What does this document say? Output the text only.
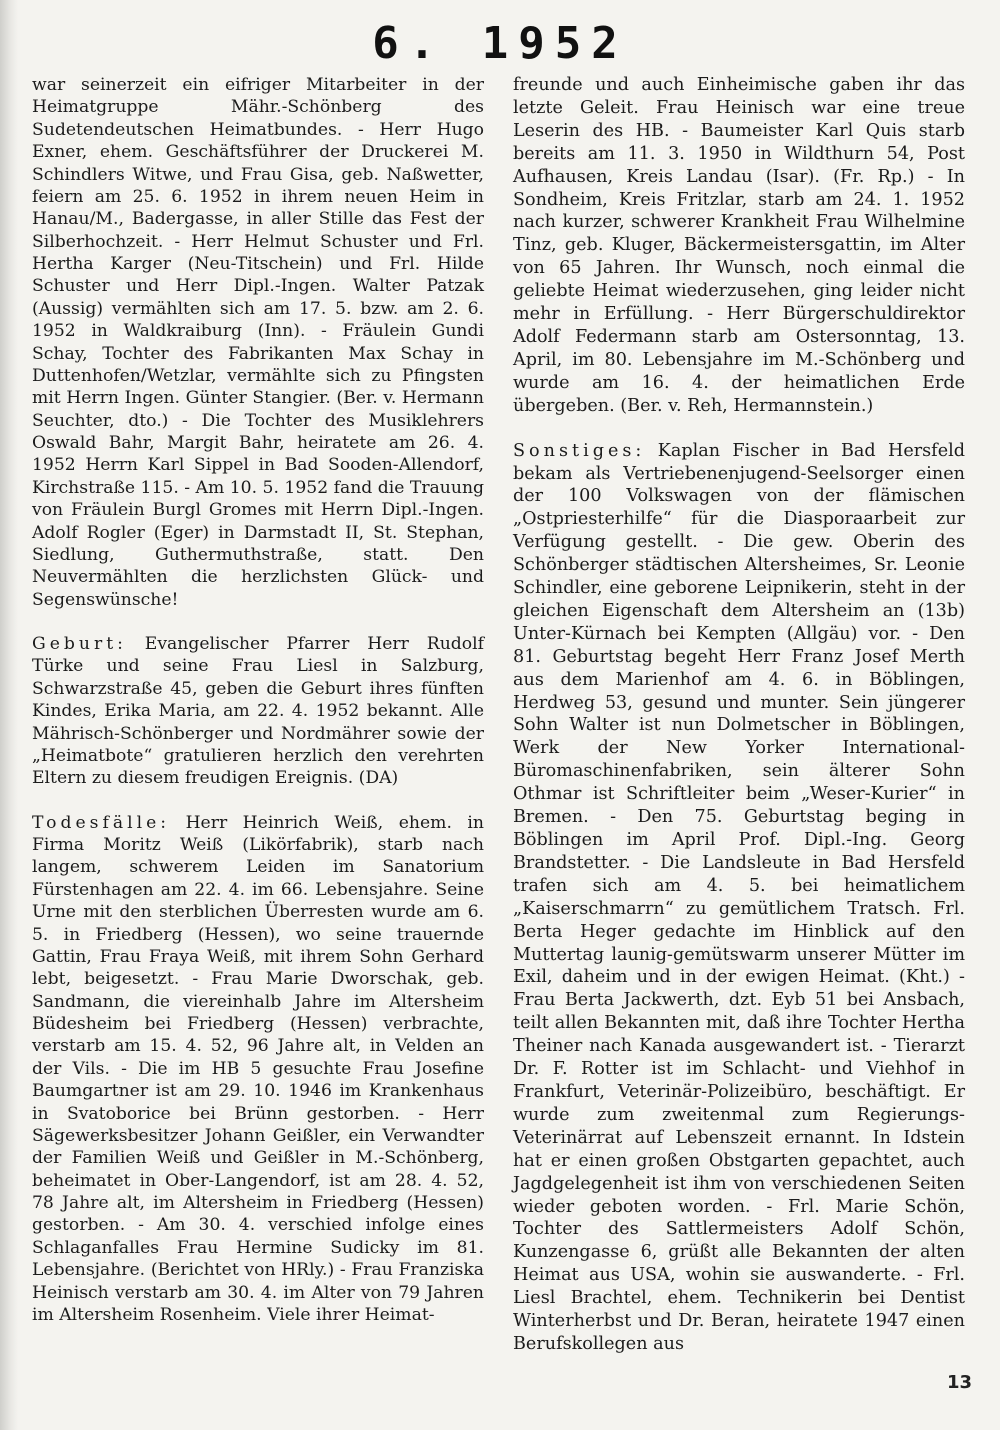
6. 1952

war seinerzeit ein eifriger Mitarbeiter in der Heimatgruppe Mähr.-Schönberg des Sudetendeutschen Heimatbundes. - Herr Hugo Exner, ehem. Geschäftsführer der Druckerei M. Schindlers Witwe, und Frau Gisa, geb. Naßwetter, feiern am 25. 6. 1952 in ihrem neuen Heim in Hanau/M., Badergasse, in aller Stille das Fest der Silberhochzeit. - Herr Helmut Schuster und Frl. Hertha Karger (Neu-Titschein) und Frl. Hilde Schuster und Herr Dipl.-Ingen. Walter Patzak (Aussig) vermählten sich am 17. 5. bzw. am 2. 6. 1952 in Waldkraiburg (Inn). - Fräulein Gundi Schay, Tochter des Fabrikanten Max Schay in Duttenhofen/Wetzlar, vermählte sich zu Pfingsten mit Herrn Ingen. Günter Stangier. (Ber. v. Hermann Seuchter, dto.) - Die Tochter des Musiklehrers Oswald Bahr, Margit Bahr, heiratete am 26. 4. 1952 Herrn Karl Sippel in Bad Sooden-Allendorf, Kirchstraße 115. - Am 10. 5. 1952 fand die Trauung von Fräulein Burgl Gromes mit Herrn Dipl.-Ingen. Adolf Rogler (Eger) in Darmstadt II, St. Stephan, Siedlung, Guthermuthstraße, statt. Den Neuvermählten die herzlichsten Glück- und Segenswünsche!

Geburt: Evangelischer Pfarrer Herr Rudolf Türke und seine Frau Liesl in Salzburg, Schwarzstraße 45, geben die Geburt ihres fünften Kindes, Erika Maria, am 22. 4. 1952 bekannt. Alle Mährisch-Schönberger und Nordmährer sowie der „Heimatbote“ gratulieren herzlich den verehrten Eltern zu diesem freudigen Ereignis. (DA)

Todesfälle: Herr Heinrich Weiß, ehem. in Firma Moritz Weiß (Likörfabrik), starb nach langem, schwerem Leiden im Sanatorium Fürstenhagen am 22. 4. im 66. Lebensjahre. Seine Urne mit den sterblichen Überresten wurde am 6. 5. in Friedberg (Hessen), wo seine trauernde Gattin, Frau Fraya Weiß, mit ihrem Sohn Gerhard lebt, beigesetzt. - Frau Marie Dworschak, geb. Sandmann, die viereinhalb Jahre im Altersheim Büdesheim bei Friedberg (Hessen) verbrachte, verstarb am 15. 4. 52, 96 Jahre alt, in Velden an der Vils. - Die im HB 5 gesuchte Frau Josefine Baumgartner ist am 29. 10. 1946 im Krankenhaus in Svatoborice bei Brünn gestorben. - Herr Sägewerksbesitzer Johann Geißler, ein Verwandter der Familien Weiß und Geißler in M.-Schönberg, beheimatet in Ober-Langendorf, ist am 28. 4. 52, 78 Jahre alt, im Altersheim in Friedberg (Hessen) gestorben. - Am 30. 4. verschied infolge eines Schlaganfalles Frau Hermine Sudicky im 81. Lebensjahre. (Berichtet von HRly.) - Frau Franziska Heinisch verstarb am 30. 4. im Alter von 79 Jahren im Altersheim Rosenheim. Viele ihrer Heimat-

freunde und auch Einheimische gaben ihr das letzte Geleit. Frau Heinisch war eine treue Leserin des HB. - Baumeister Karl Quis starb bereits am 11. 3. 1950 in Wildthurn 54, Post Aufhausen, Kreis Landau (Isar). (Fr. Rp.) - In Sondheim, Kreis Fritzlar, starb am 24. 1. 1952 nach kurzer, schwerer Krankheit Frau Wilhelmine Tinz, geb. Kluger, Bäckermeistersgattin, im Alter von 65 Jahren. Ihr Wunsch, noch einmal die geliebte Heimat wiederzusehen, ging leider nicht mehr in Erfüllung. - Herr Bürgerschuldirektor Adolf Federmann starb am Ostersonntag, 13. April, im 80. Lebensjahre im M.-Schönberg und wurde am 16. 4. der heimatlichen Erde übergeben. (Ber. v. Reh, Hermannstein.)

Sonstiges: Kaplan Fischer in Bad Hersfeld bekam als Vertriebenenjugend-Seelsorger einen der 100 Volkswagen von der flämischen „Ostpriesterhilfe“ für die Diasporaarbeit zur Verfügung gestellt. - Die gew. Oberin des Schönberger städtischen Altersheimes, Sr. Leonie Schindler, eine geborene Leipnikerin, steht in der gleichen Eigenschaft dem Altersheim an (13b) Unter-Kürnach bei Kempten (Allgäu) vor. - Den 81. Geburtstag begeht Herr Franz Josef Merth aus dem Marienhof am 4. 6. in Böblingen, Herdweg 53, gesund und munter. Sein jüngerer Sohn Walter ist nun Dolmetscher in Böblingen, Werk der New Yorker International-Büromaschinenfabriken, sein älterer Sohn Othmar ist Schriftleiter beim „Weser-Kurier“ in Bremen. - Den 75. Geburtstag beging in Böblingen im April Prof. Dipl.-Ing. Georg Brandstetter. - Die Landsleute in Bad Hersfeld trafen sich am 4. 5. bei heimatlichem „Kaiserschmarrn“ zu gemütlichem Tratsch. Frl. Berta Heger gedachte im Hinblick auf den Muttertag launig-gemütswarm unserer Mütter im Exil, daheim und in der ewigen Heimat. (Kht.) - Frau Berta Jackwerth, dzt. Eyb 51 bei Ansbach, teilt allen Bekannten mit, daß ihre Tochter Hertha Theiner nach Kanada ausgewandert ist. - Tierarzt Dr. F. Rotter ist im Schlacht- und Viehhof in Frankfurt, Veterinär-Polizeibüro, beschäftigt. Er wurde zum zweitenmal zum Regierungs-Veterinärrat auf Lebenszeit ernannt. In Idstein hat er einen großen Obstgarten gepachtet, auch Jagdgelegenheit ist ihm von verschiedenen Seiten wieder geboten worden. - Frl. Marie Schön, Tochter des Sattlermeisters Adolf Schön, Kunzengasse 6, grüßt alle Bekannten der alten Heimat aus USA, wohin sie auswanderte. - Frl. Liesl Brachtel, ehem. Technikerin bei Dentist Winterherbst und Dr. Beran, heiratete 1947 einen Berufskollegen aus

13
